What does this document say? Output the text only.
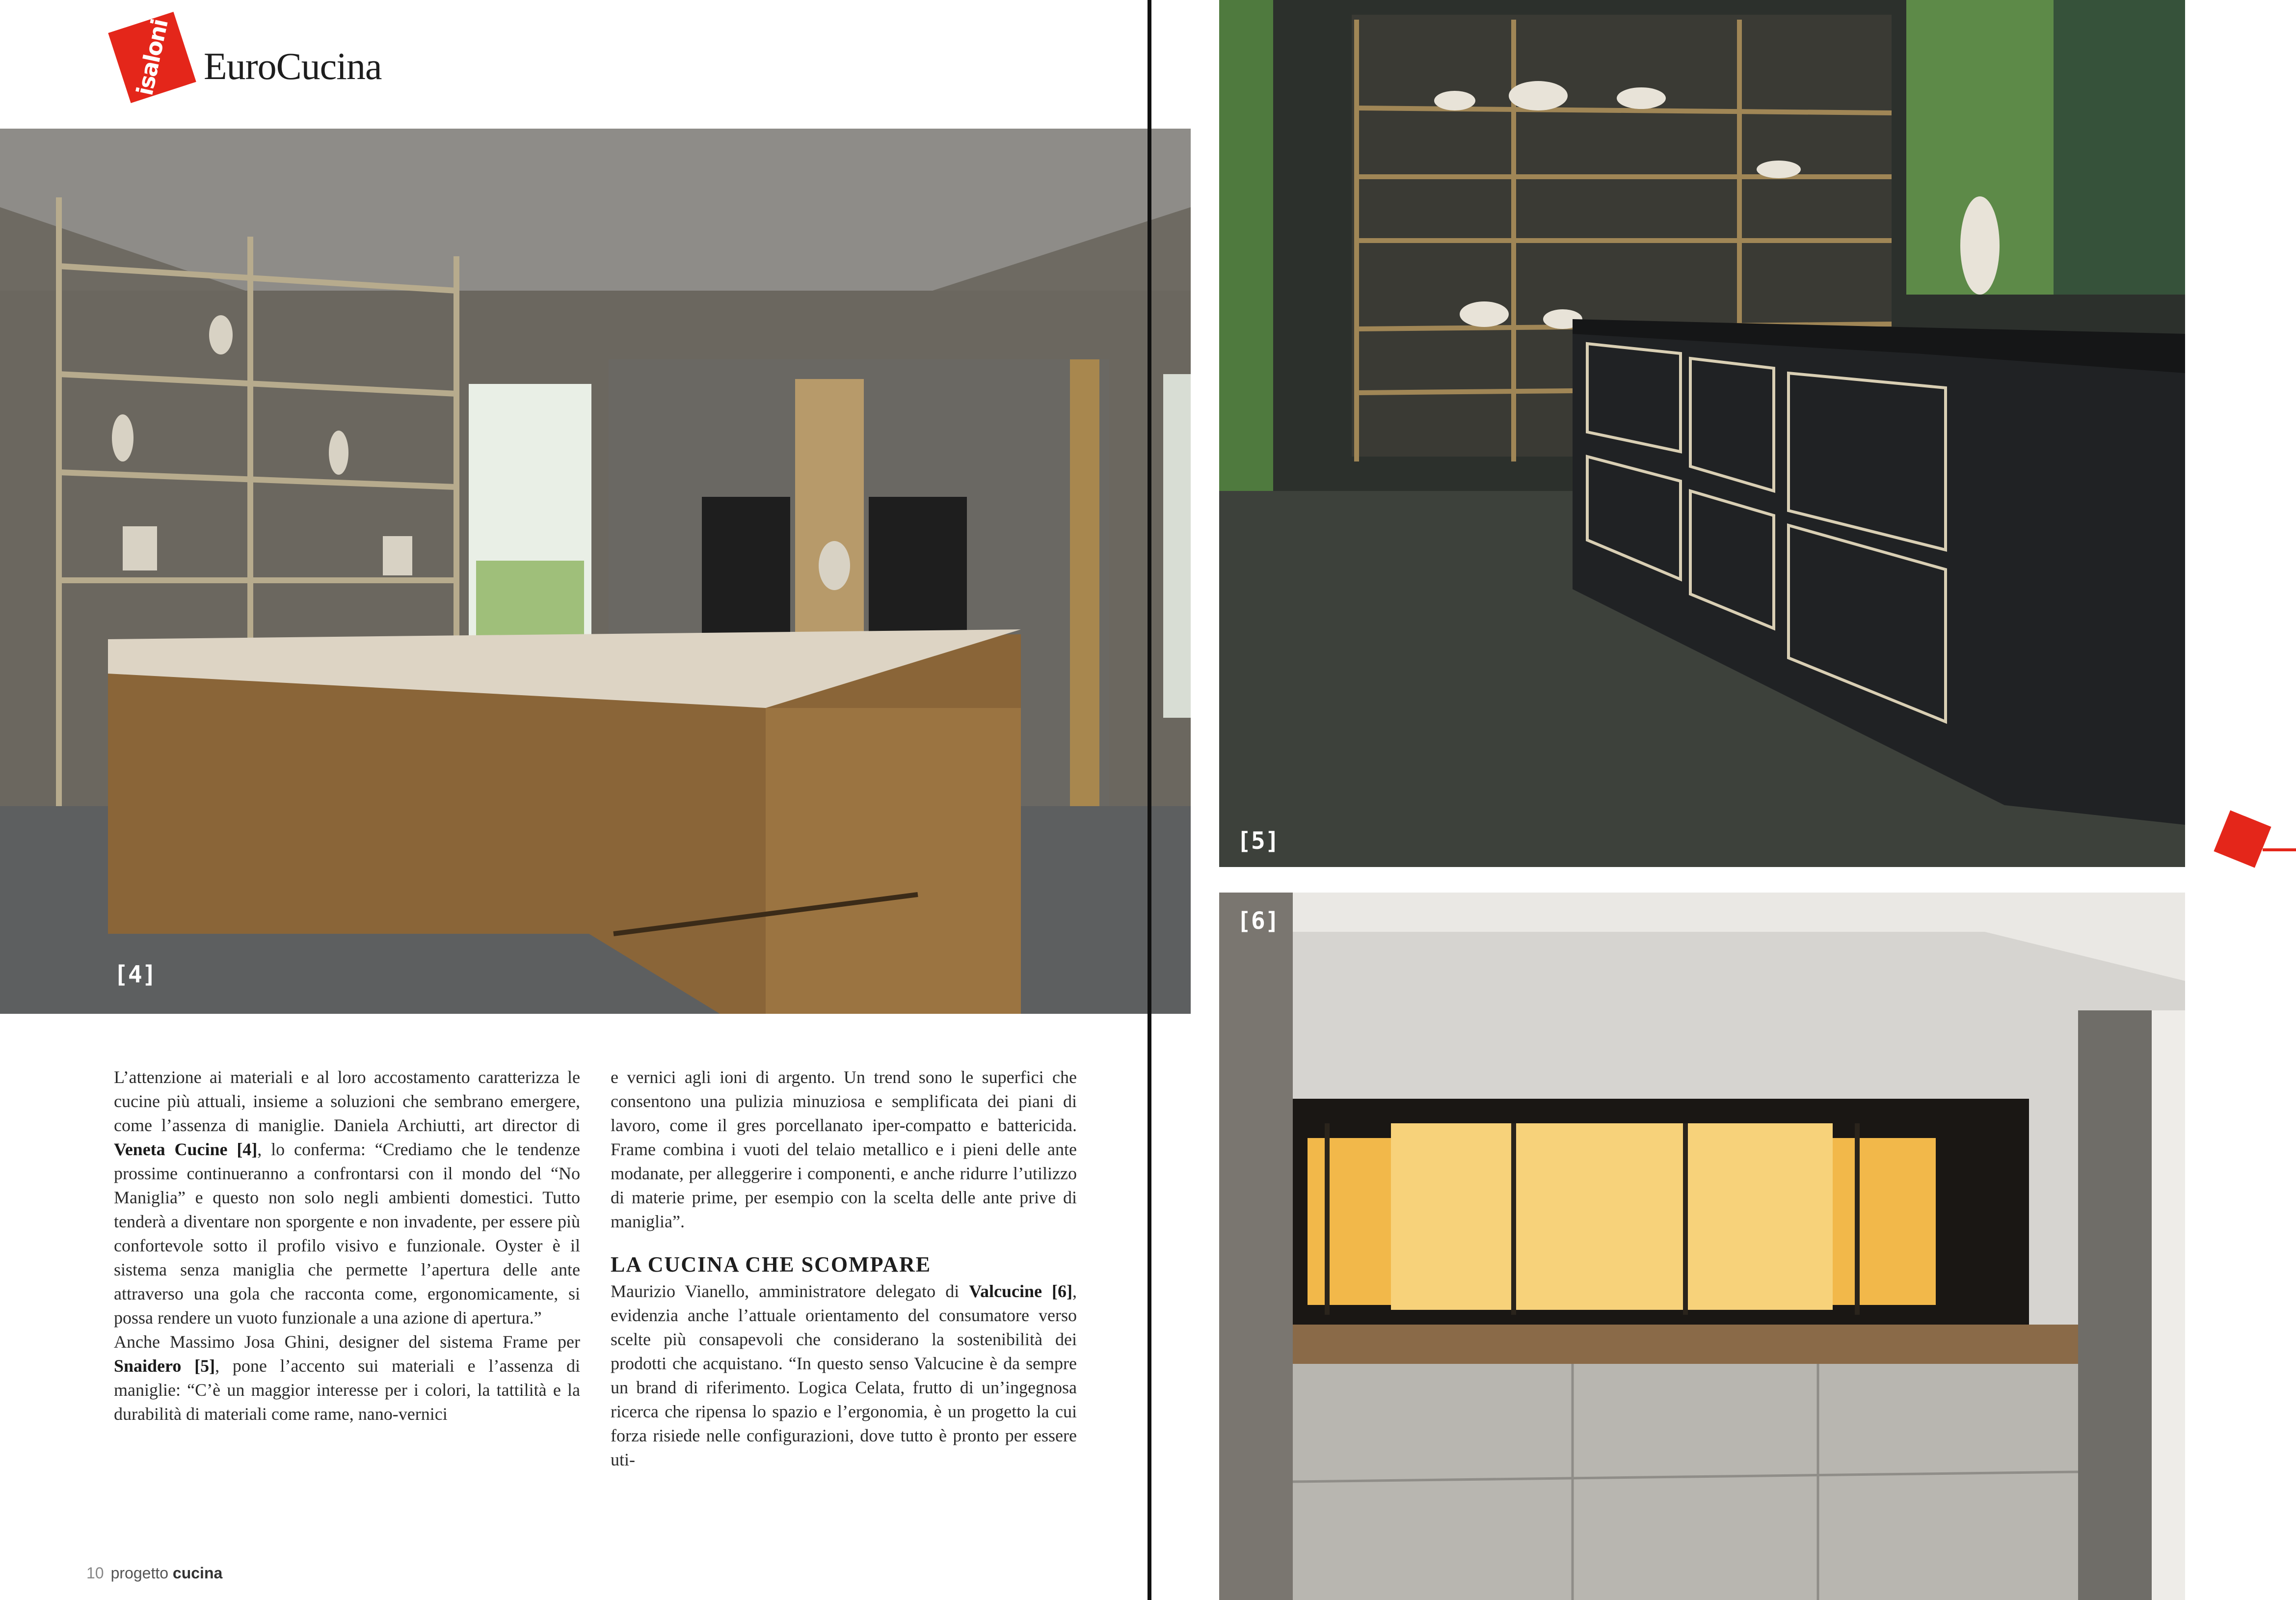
isaloni EuroCucina
[4]
[5]
[6]

L’attenzione ai materiali e al loro accostamento caratterizza le cucine più attuali, insieme a soluzioni che sembrano emergere, come l’assenza di maniglie. Daniela Archiutti, art director di Veneta Cucine [4], lo conferma: “Crediamo che le tendenze prossime continueranno a confrontarsi con il mondo del “No Maniglia” e questo non solo negli ambienti domestici. Tutto tenderà a diventare non sporgente e non invadente, per essere più confortevole sotto il profilo visivo e funzionale. Oyster è il sistema senza maniglia che permette l’apertura delle ante attraverso una gola che racconta come, ergonomicamente, si possa rendere un vuoto funzionale a una azione di apertura.”

Anche Massimo Josa Ghini, designer del sistema Frame per Snaidero [5], pone l’accento sui materiali e l’assenza di maniglie: “C’è un maggior interesse per i colori, la tattilità e la durabilità di materiali come rame, nano-vernici

e vernici agli ioni di argento. Un trend sono le superfici che consentono una pulizia minuziosa e semplificata dei piani di lavoro, come il gres porcellanato iper-compatto e battericida. Frame combina i vuoti del telaio metallico e i pieni delle ante modanate, per alleggerire i componenti, e anche ridurre l’utilizzo di materie prime, per esempio con la scelta delle ante prive di maniglia”.

LA CUCINA CHE SCOMPARE

Maurizio Vianello, amministratore delegato di Valcucine [6], evidenzia anche l’attuale orientamento del consumatore verso scelte più consapevoli che considerano la sostenibilità dei prodotti che acquistano. “In questo senso Valcucine è da sempre un brand di riferimento. Logica Celata, frutto di un’ingegnosa ricerca che ripensa lo spazio e l’ergonomia, è un progetto la cui forza risiede nelle configurazioni, dove tutto è pronto per essere uti-

10 progetto cucina
